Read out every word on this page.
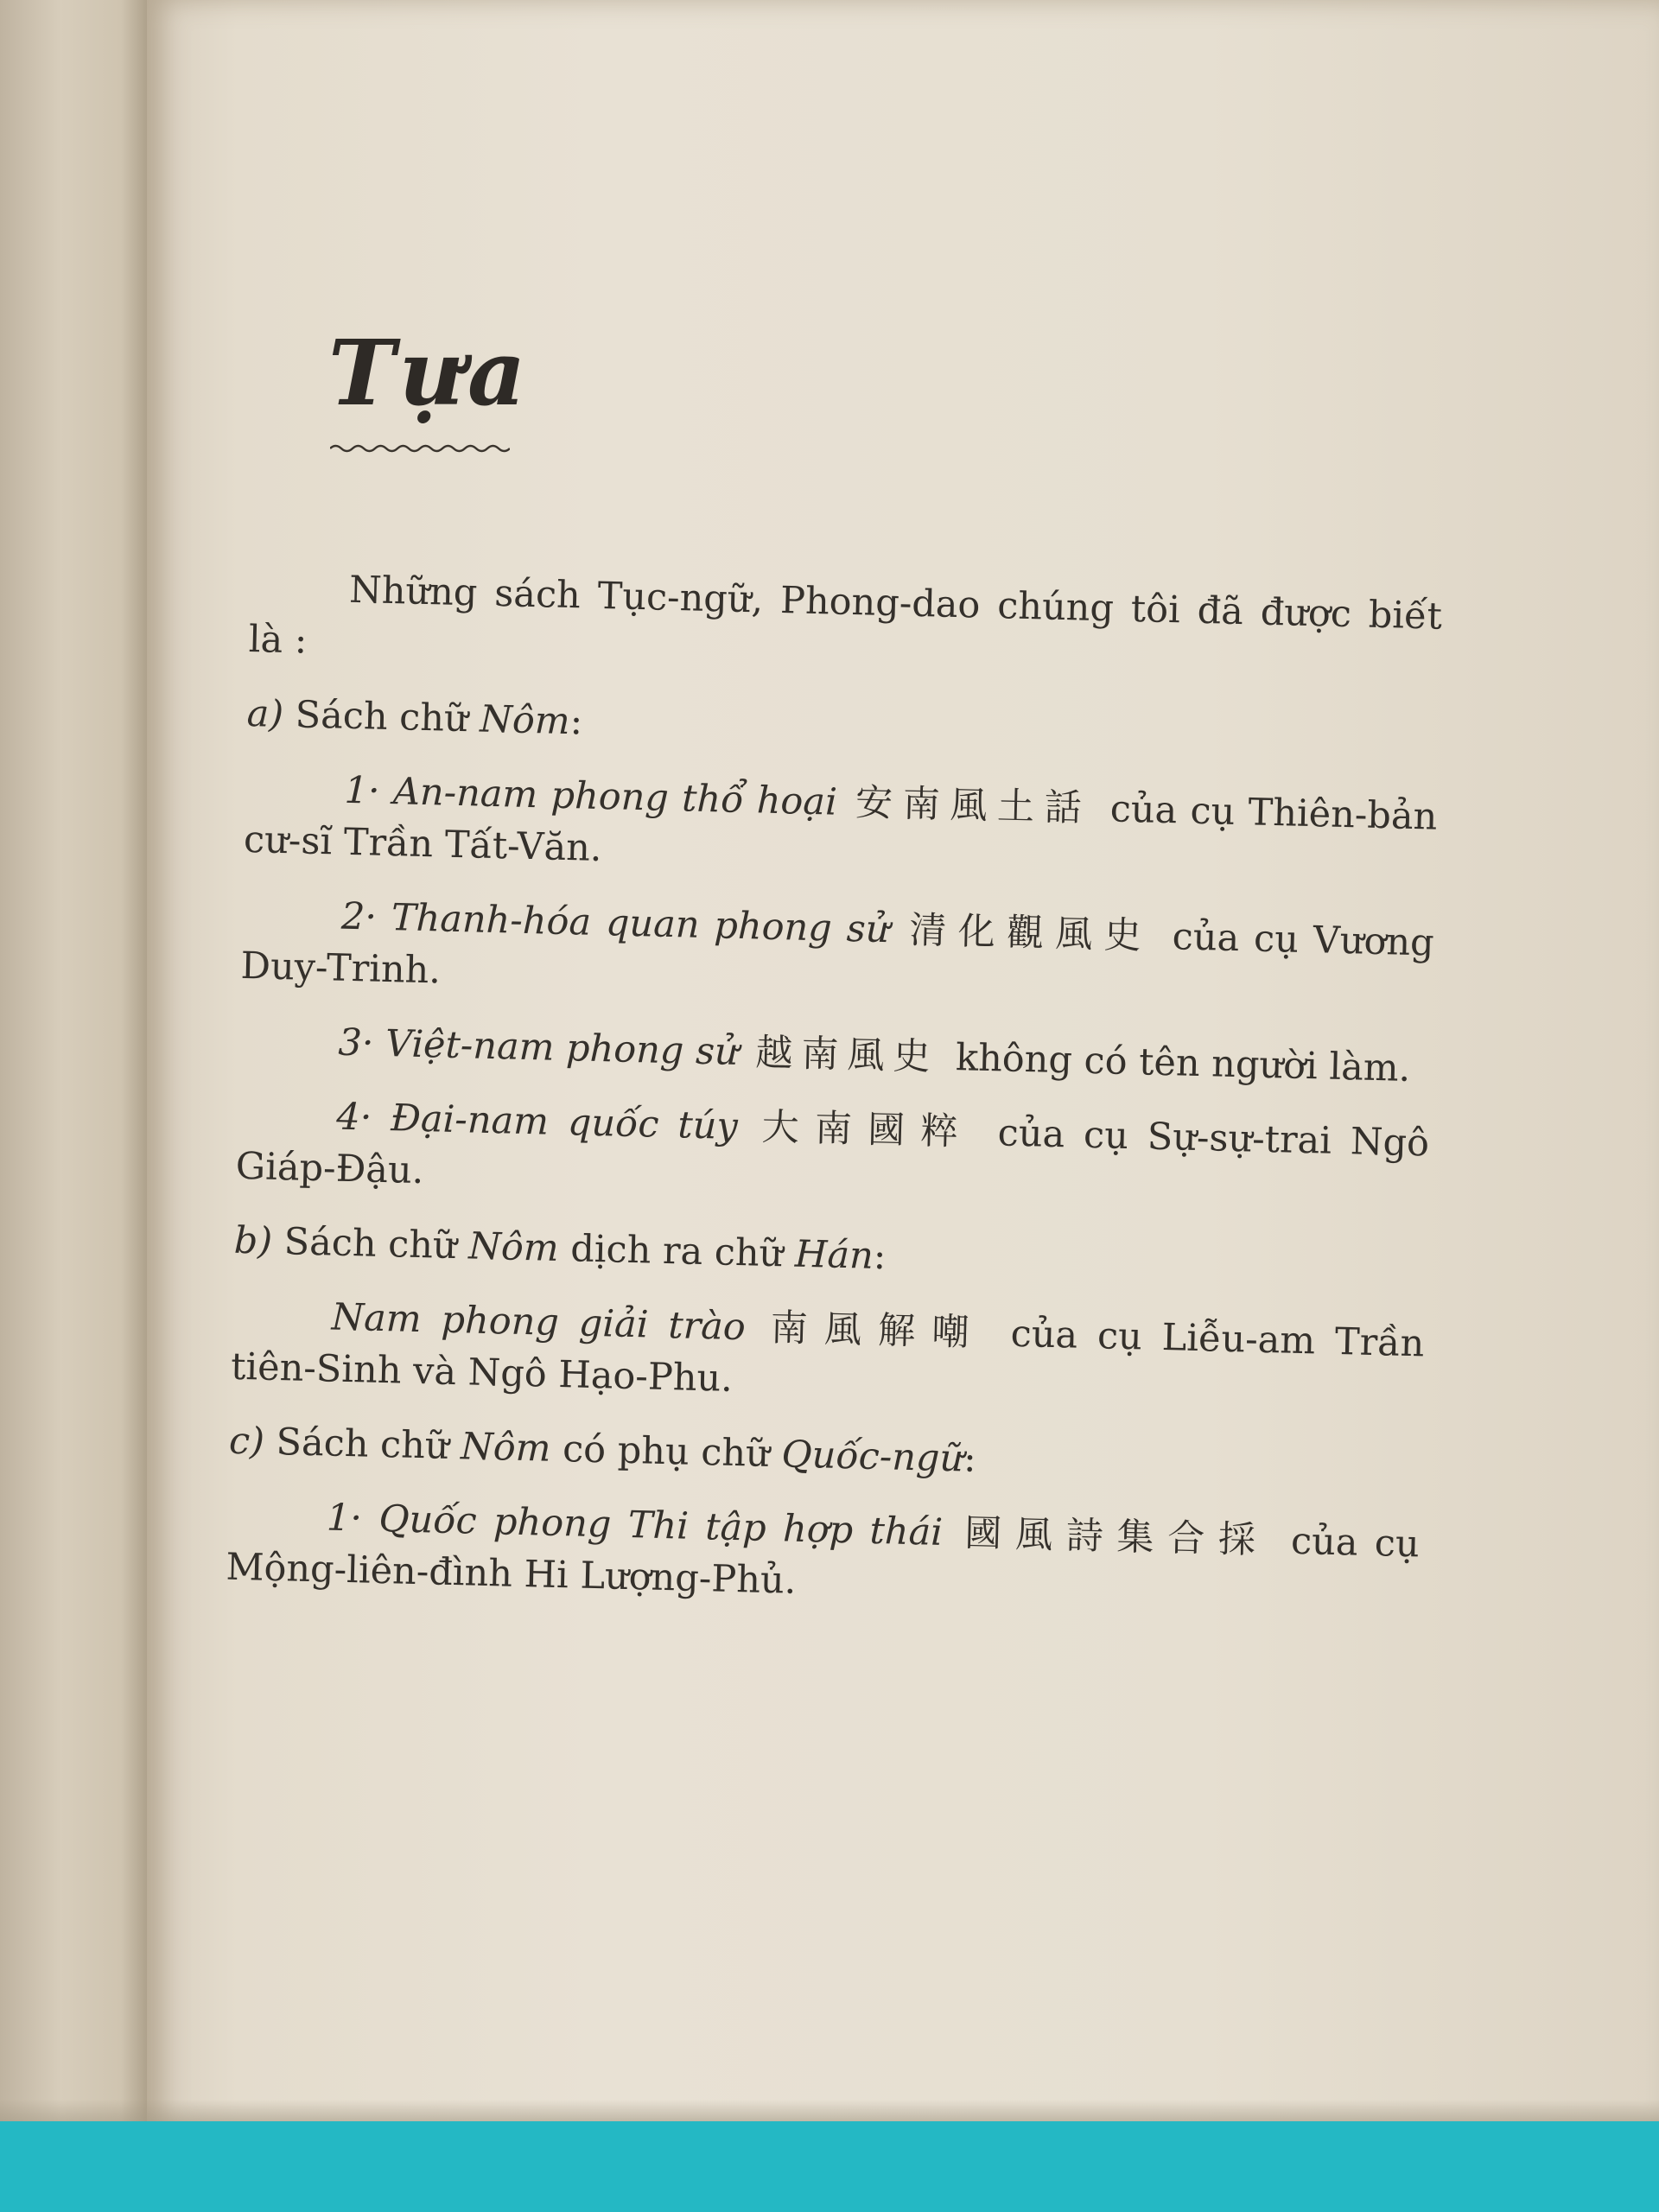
Tựa

Những sách Tục-ngữ, Phong-dao chúng tôi đã được biết là :

a) Sách chữ Nôm:

1· An-nam phong thổ hoại 安南風土話 của cụ Thiên-bản cư-sĩ Trần Tất-Văn.

2· Thanh-hóa quan phong sử 清化觀風史 của cụ Vương Duy-Trinh.

3· Việt-nam phong sử 越南風史 không có tên người làm.

4· Đại-nam quốc túy 大南國粹 của cụ Sự-sự-trai Ngô Giáp-Đậu.

b) Sách chữ Nôm dịch ra chữ Hán:

Nam phong giải trào 南風解嘲 của cụ Liễu-am Trần tiên-Sinh và Ngô Hạo-Phu.

c) Sách chữ Nôm có phụ chữ Quốc-ngữ:

1· Quốc phong Thi tập hợp thái 國風詩集合採 của cụ Mộng-liên-đình Hi Lượng-Phủ.
